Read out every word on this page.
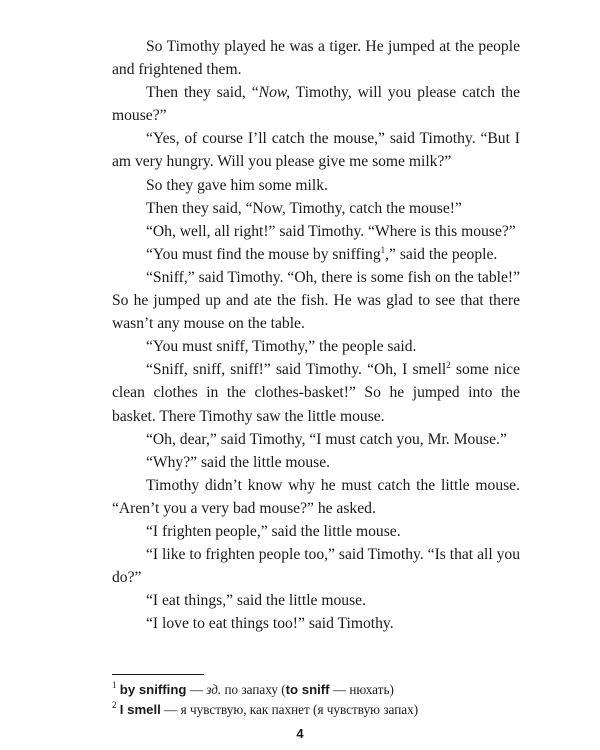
So Timothy played he was a tiger. He jumped at the people and frightened them.

Then they said, “Now, Timothy, will you please catch the mouse?”

“Yes, of course I’ll catch the mouse,” said Timothy. “But I am very hungry. Will you please give me some milk?”

So they gave him some milk.

Then they said, “Now, Timothy, catch the mouse!”

“Oh, well, all right!” said Timothy. “Where is this mouse?”

“You must find the mouse by sniffing$^1$,” said the people.

“Sniff,” said Timothy. “Oh, there is some fish on the table!” So he jumped up and ate the fish. He was glad to see that there wasn’t any mouse on the table.

“You must sniff, Timothy,” the people said.

“Sniff, sniff, sniff!” said Timothy. “Oh, I smell$^2$ some nice clean clothes in the clothes-basket!” So he jumped into the basket. There Timothy saw the little mouse.

“Oh, dear,” said Timothy, “I must catch you, Mr. Mouse.”

“Why?” said the little mouse.

Timothy didn’t know why he must catch the little mouse. “Aren’t you a very bad mouse?” he asked.

“I frighten people,” said the little mouse.

“I like to frighten people too,” said Timothy. “Is that all you do?”

“I eat things,” said the little mouse.

“I love to eat things too!” said Timothy.

$^1$ by sniffing — зд. по запаху (to sniff — нюхать)

$^2$ I smell — я чувствую, как пахнет (я чувствую запах)

4
